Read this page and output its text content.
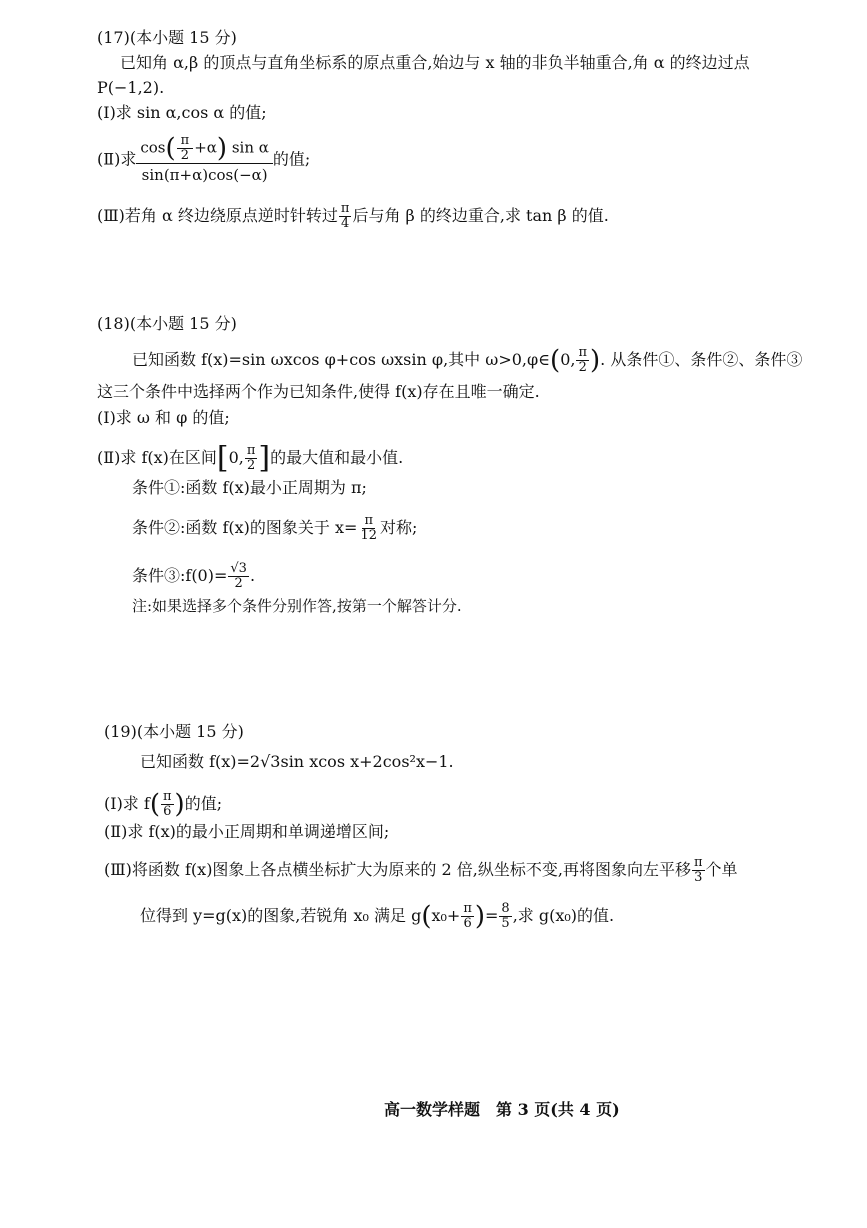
(17)(本小题 15 分)
已知角 α,β 的顶点与直角坐标系的原点重合,始边与 x 轴的非负半轴重合,角 α 的终边过点
P(−1,2).
(Ⅰ)求 sin α,cos α 的值;
(Ⅱ)求 $\frac{\cos( \frac{\pi}{2} +\alpha) \sin \alpha}{\sin(\pi+\alpha)\cos(-\alpha)}$ 的值;
(Ⅲ)若角 α 终边绕原点逆时针转过 $\frac{\pi}{4}$ 后与角 β 的终边重合,求 tan β 的值.
(18)(本小题 15 分)
已知函数 f(x)=sin ωxcos φ+cos ωxsin φ,其中 ω>0,φ∈(0, $\frac{\pi}{2}$ ). 从条件①、条件②、条件③
这三个条件中选择两个作为已知条件,使得 f(x)存在且唯一确定.
(Ⅰ)求 ω 和 φ 的值;
(Ⅱ)求 f(x)在区间[0, $\frac{\pi}{2}$ ]的最大值和最小值.
条件①:函数 f(x)最小正周期为 π;
条件②:函数 f(x)的图象关于 $x= \frac{\pi}{12}$ 对称;
条件③:f(0)= $\frac{√3}{2}$ .
注:如果选择多个条件分别作答,按第一个解答计分.
(19)(本小题 15 分)
已知函数 f(x)=2√3sin xcos x+2cos²x−1.
(Ⅰ)求 $f( \frac{\pi}{6}$ )的值;
(Ⅱ)求 f(x)的最小正周期和单调递增区间;
(Ⅲ)将函数 f(x)图象上各点横坐标扩大为原来的 2 倍,纵坐标不变,再将图象向左平移 $\frac{\pi}{3}$ 个单
位得到 y=g(x)的图象,若锐角 x₀ 满足 $g(x_0+ \frac{\pi}{6}$ )= $\frac{8}{5}$ ,求 g(x₀)的值.
高一数学样题　第 3 页(共 4 页)
